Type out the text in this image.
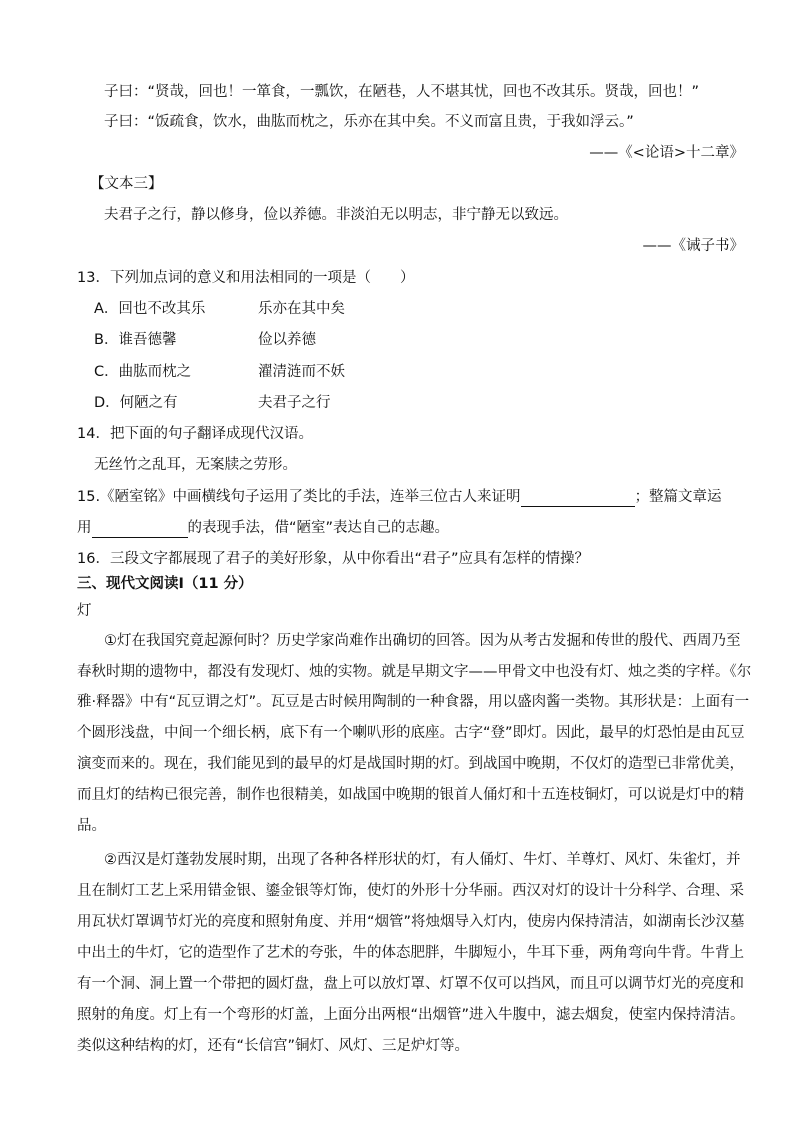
子曰：“贤哉，回也！一箪食，一瓢饮，在陋巷，人不堪其忧，回也不改其乐。贤哉，回也！”
子曰：“饭疏食，饮水，曲肱而枕之，乐亦在其中矣。不义而富且贵，于我如浮云。”
——《<论语>十二章》
【文本三】
夫君子之行，静以修身，俭以养德。非淡泊无以明志，非宁静无以致远。
——《诫子书》
13．下列加点词的意义和用法相同的一项是（　　）
A．回也不改其乐	乐亦在其中矣
B．谁吾德馨	俭以养德
C．曲肱而枕之	濯清涟而不妖
D．何陋之有	夫君子之行
14．把下面的句子翻译成现代汉语。
无丝竹之乱耳，无案牍之劳形。
15.《陋室铭》中画横线句子运用了类比的手法，连举三位古人来证明	；整篇文章运
用	的表现手法，借“陋室”表达自己的志趣。
16．三段文字都展现了君子的美好形象，从中你看出“君子”应具有怎样的情操？
三、现代文阅读Ⅰ（11 分）
灯
①灯在我国究竟起源何时？历史学家尚难作出确切的回答。因为从考古发掘和传世的殷代、西周乃至
春秋时期的遗物中，都没有发现灯、烛的实物。就是早期文字——甲骨文中也没有灯、烛之类的字样。《尔
雅·释器》中有“瓦豆谓之灯”。瓦豆是古时候用陶制的一种食器，用以盛肉酱一类物。其形状是：上面有一
个圆形浅盘，中间一个细长柄，底下有一个喇叭形的底座。古字“登”即灯。因此，最早的灯恐怕是由瓦豆
演变而来的。现在，我们能见到的最早的灯是战国时期的灯。到战国中晚期，不仅灯的造型已非常优美，
而且灯的结构已很完善，制作也很精美，如战国中晚期的银首人俑灯和十五连枝铜灯，可以说是灯中的精
品。
②西汉是灯蓬勃发展时期，出现了各种各样形状的灯，有人俑灯、牛灯、羊尊灯、风灯、朱雀灯，并
且在制灯工艺上采用错金银、鎏金银等灯饰，使灯的外形十分华丽。西汉对灯的设计十分科学、合理、采
用瓦状灯罩调节灯光的亮度和照射角度、并用“烟管”将烛烟导入灯内，使房内保持清洁，如湖南长沙汉墓
中出土的牛灯，它的造型作了艺术的夸张，牛的体态肥胖，牛脚短小，牛耳下垂，两角弯向牛背。牛背上
有一个洞、洞上置一个带把的圆灯盘，盘上可以放灯罩、灯罩不仅可以挡风，而且可以调节灯光的亮度和
照射的角度。灯上有一个弯形的灯盖，上面分出两根“出烟管”进入牛腹中，滤去烟炱，使室内保持清洁。
类似这种结构的灯，还有“长信宫”铜灯、风灯、三足炉灯等。
